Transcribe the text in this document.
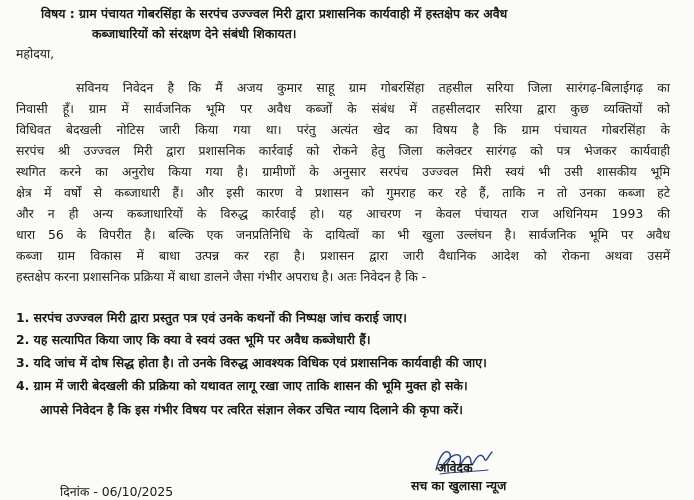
विषय : ग्राम पंचायत गोबरसिंहा के सरपंच उज्ज्वल मिरी द्वारा प्रशासनिक कार्यवाही में हस्तक्षेप कर अवैध
कब्जाधारियों को संरक्षण देने संबंधी शिकायत।
महोदया,
सविनय निवेदन है कि मैं अजय कुमार साहू ग्राम गोबरसिंहा तहसील सरिया जिला सारंगढ़-बिलाईगढ़ का
निवासी हूँ। ग्राम में सार्वजनिक भूमि पर अवैध कब्जों के संबंध में तहसीलदार सरिया द्वारा कुछ व्यक्तियों को
विधिवत बेदखली नोटिस जारी किया गया था। परंतु अत्यंत खेद का विषय है कि ग्राम पंचायत गोबरसिंहा के
सरपंच श्री उज्ज्वल मिरी द्वारा प्रशासनिक कार्रवाई को रोकने हेतु जिला कलेक्टर सारंगढ़ को पत्र भेजकर कार्यवाही
स्थगित करने का अनुरोध किया गया है। ग्रामीणों के अनुसार सरपंच उज्ज्वल मिरी स्वयं भी उसी शासकीय भूमि
क्षेत्र में वर्षों से कब्जाधारी हैं। और इसी कारण वे प्रशासन को गुमराह कर रहे हैं, ताकि न तो उनका कब्जा हटे
और न ही अन्य कब्जाधारियों के विरुद्ध कार्रवाई हो। यह आचरण न केवल पंचायत राज अधिनियम 1993 की
धारा 56 के विपरीत है। बल्कि एक जनप्रतिनिधि के दायित्वों का भी खुला उल्लंघन है। सार्वजनिक भूमि पर अवैध
कब्जा ग्राम विकास में बाधा उत्पन्न कर रहा है। प्रशासन द्वारा जारी वैधानिक आदेश को रोकना अथवा उसमें
हस्तक्षेप करना प्रशासनिक प्रक्रिया में बाधा डालने जैसा गंभीर अपराध है। अतः निवेदन है कि -
1. सरपंच उज्ज्वल मिरी द्वारा प्रस्तुत पत्र एवं उनके कथनों की निष्पक्ष जांच कराई जाए।
2. यह सत्यापित किया जाए कि क्या वे स्वयं उक्त भूमि पर अवैध कब्जेधारी हैं।
3. यदि जांच में दोष सिद्ध होता है। तो उनके विरुद्ध आवश्यक विधिक एवं प्रशासनिक कार्यवाही की जाए।
4. ग्राम में जारी बेदखली की प्रक्रिया को यथावत लागू रखा जाए ताकि शासन की भूमि मुक्त हो सके।
आपसे निवेदन है कि इस गंभीर विषय पर त्वरित संज्ञान लेकर उचित न्याय दिलाने की कृपा करें।
आवेदक
सच का खुलासा न्यूज
दिनांक - 06/10/2025
